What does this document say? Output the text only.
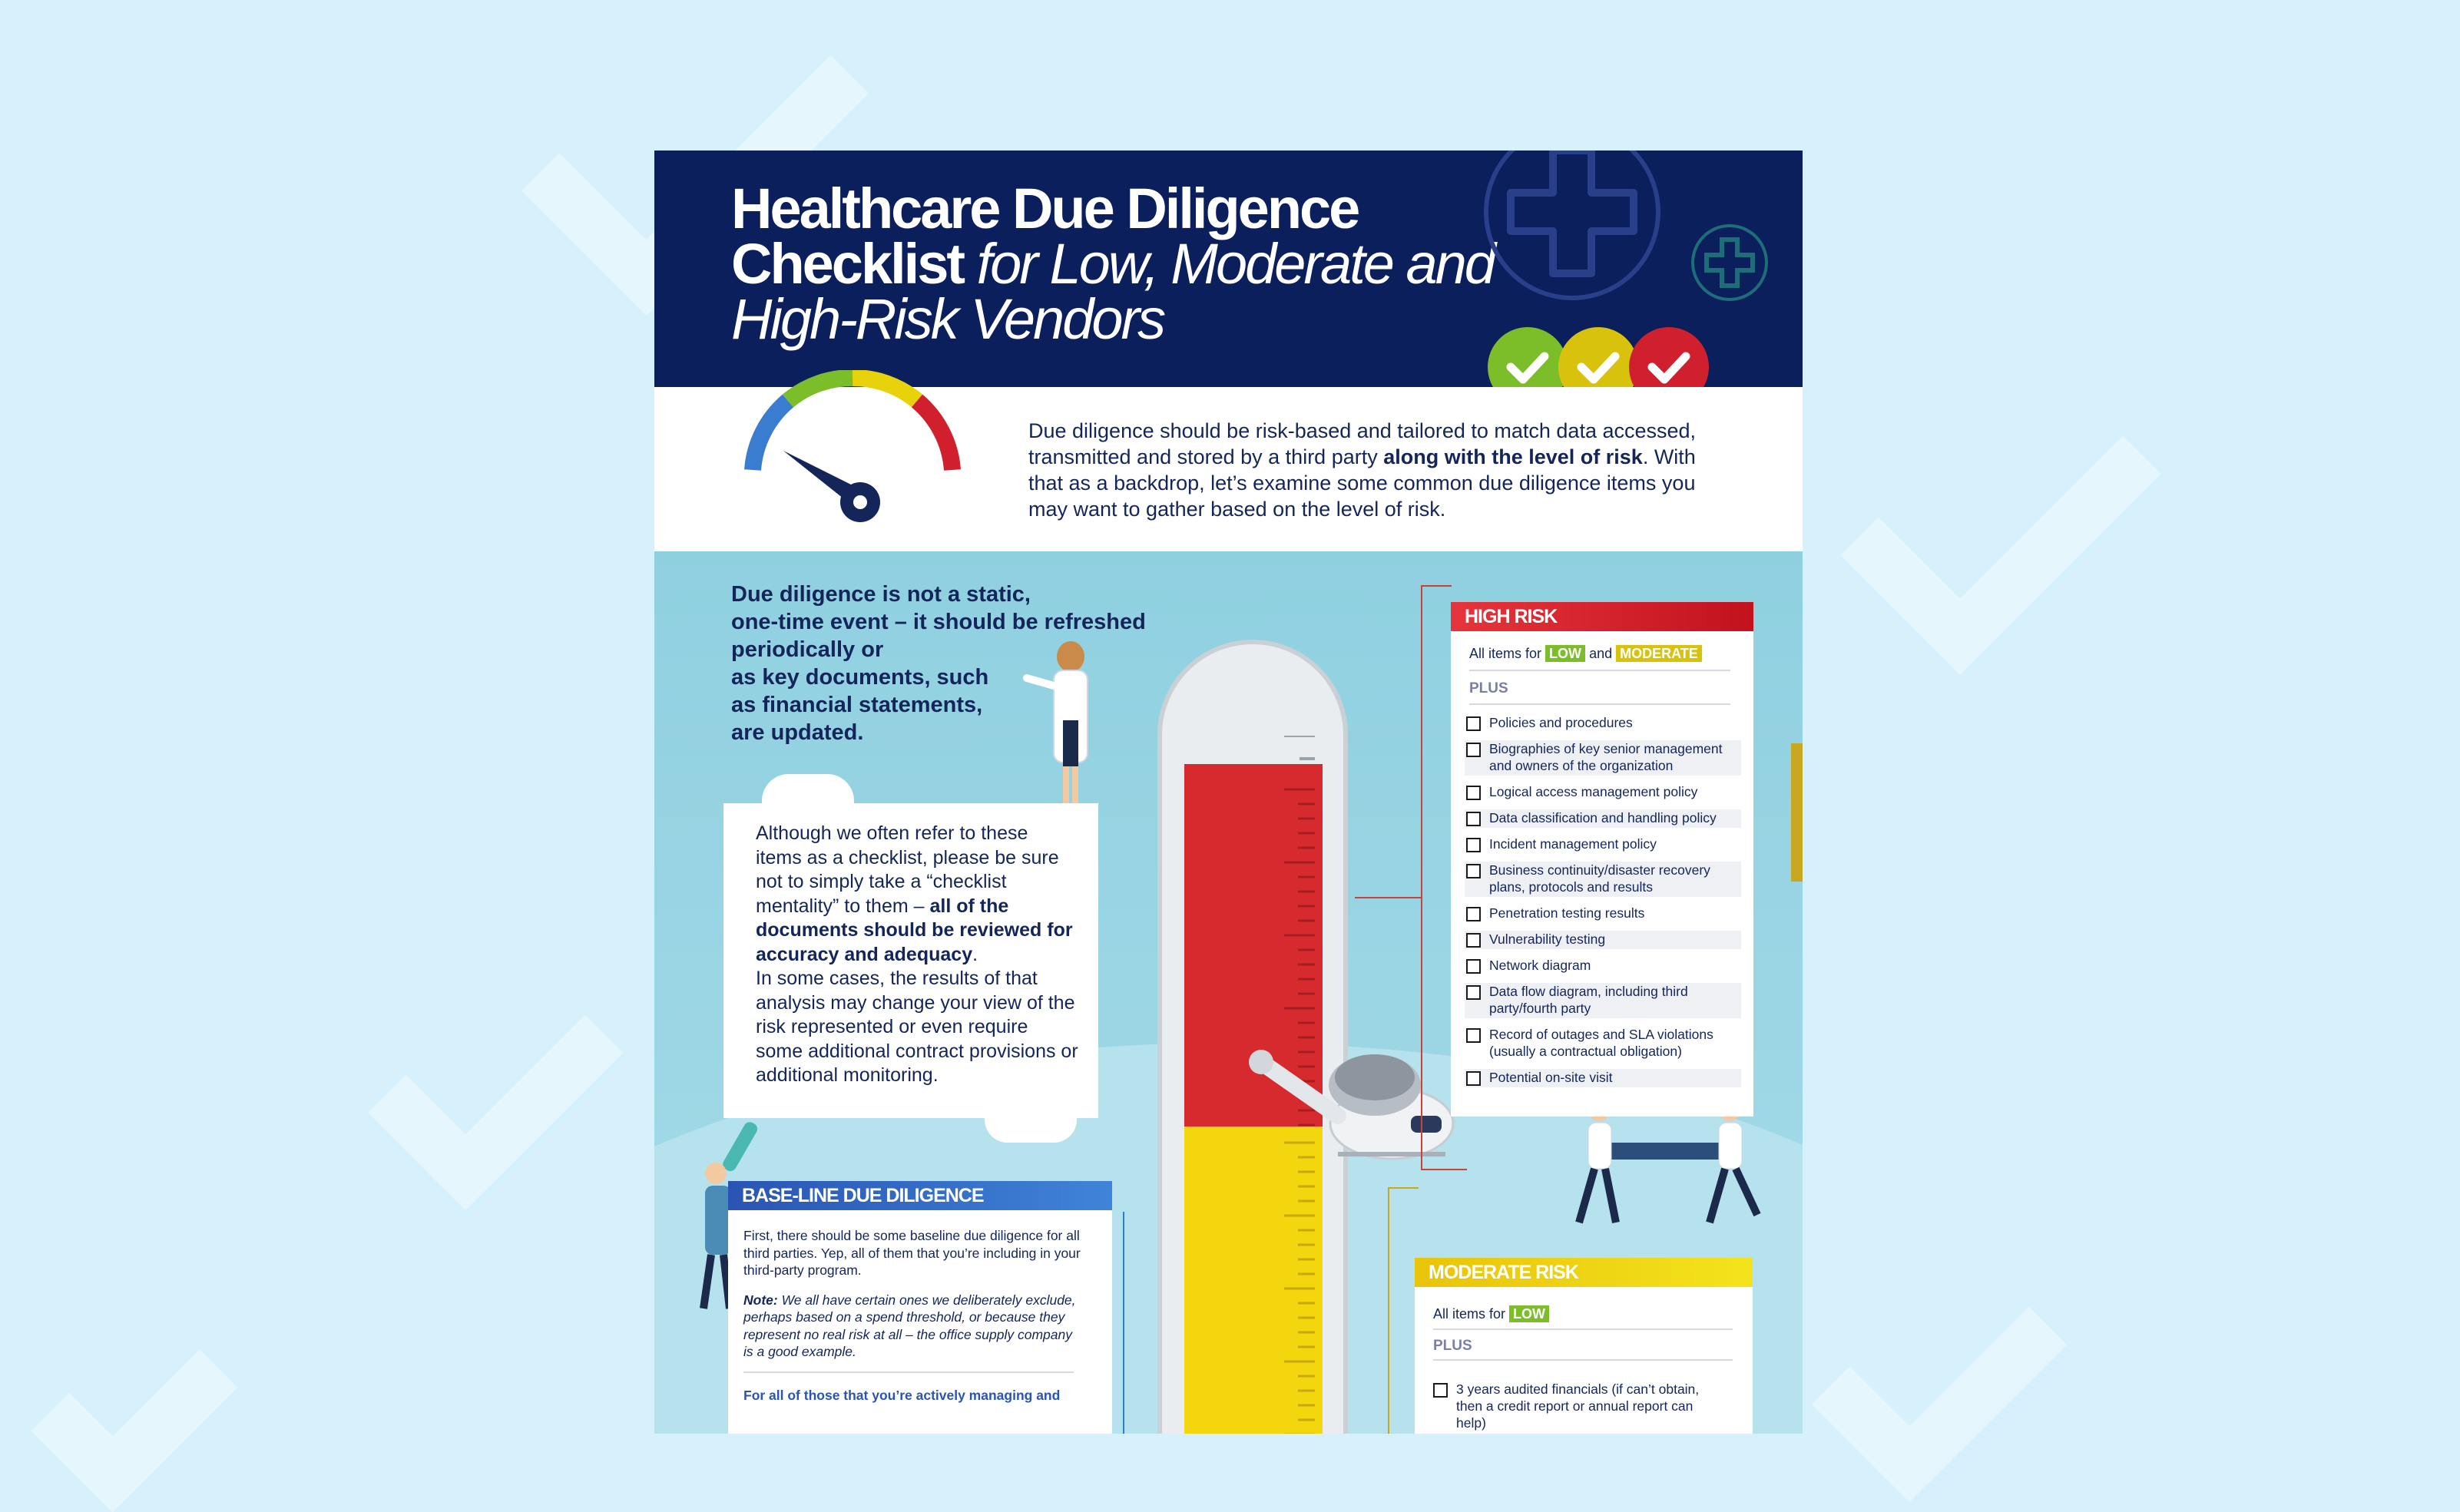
Healthcare Due Diligence
Checklist for Low, Moderate and
High-Risk Vendors
Due diligence should be risk-based and tailored to match data accessed, transmitted and stored by a third party along with the level of risk. With that as a backdrop, let’s examine some common due diligence items you may want to gather based on the level of risk.
Due diligence is not a static,
one-time event – it should be refreshed
periodically or
as key documents, such
as financial statements,
are updated.
Although we often refer to these items as a checklist, please be sure not to simply take a “checklist mentality” to them – all of the documents should be reviewed for accuracy and adequacy.
In some cases, the results of that analysis may change your view of the risk represented or even require some additional contract provisions or additional monitoring.
HIGH RISK
All items for LOW and MODERATE
PLUS
Policies and procedures
Biographies of key senior management and owners of the organization
Logical access management policy
Data classification and handling policy
Incident management policy
Business continuity/disaster recovery plans, protocols and results
Penetration testing results
Vulnerability testing
Network diagram
Data flow diagram, including third party/fourth party
Record of outages and SLA violations (usually a contractual obligation)
Potential on-site visit
MODERATE RISK
All items for LOW
PLUS
3 years audited financials (if can’t obtain, then a credit report or annual report can help)
BASE-LINE DUE DILIGENCE
First, there should be some baseline due diligence for all third parties. Yep, all of them that you’re including in your third-party program.
Note: We all have certain ones we deliberately exclude, perhaps based on a spend threshold, or because they represent no real risk at all – the office supply company is a good example.
For all of those that you’re actively managing and
